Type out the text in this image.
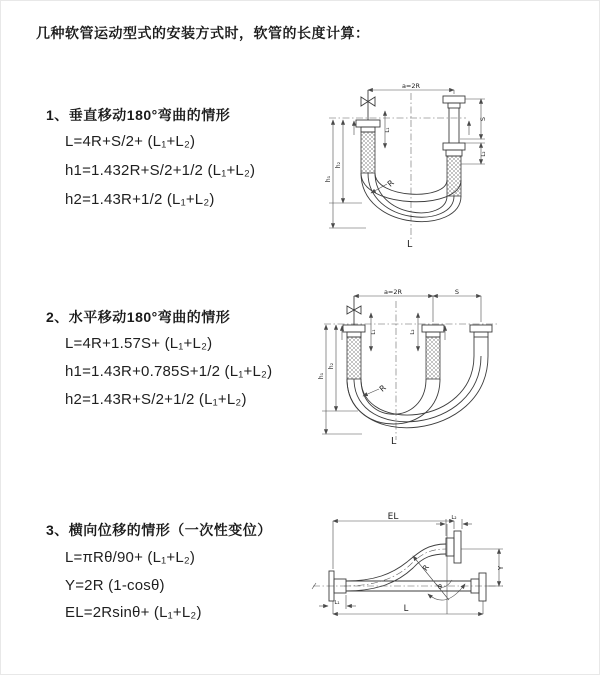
几种软管运动型式的安装方式时，软管的长度计算：
1、垂直移动180°弯曲的情形
L=4R+S/2+ (L₁+L₂)
h1=1.432R+S/2+1/2 (L₁+L₂)
h2=1.43R+1/2 (L₁+L₂)
2、水平移动180°弯曲的情形
L=4R+1.57S+ (L₁+L₂)
h1=1.43R+0.785S+1/2 (L₁+L₂)
h2=1.43R+S/2+1/2 (L₁+L₂)
3、横向位移的情形（一次性变位）
L=πRθ/90+ (L₁+L₂)
Y=2R (1-cosθ)
EL=2Rsinθ+ (L₁+L₂)
a=2R
h₁
h₂
L₁
S
L₂
R
L
a=2R	S
h₁
h₂
L₁	L₂
R
L
EL	L₂
R
θ
Y
L₁
L
